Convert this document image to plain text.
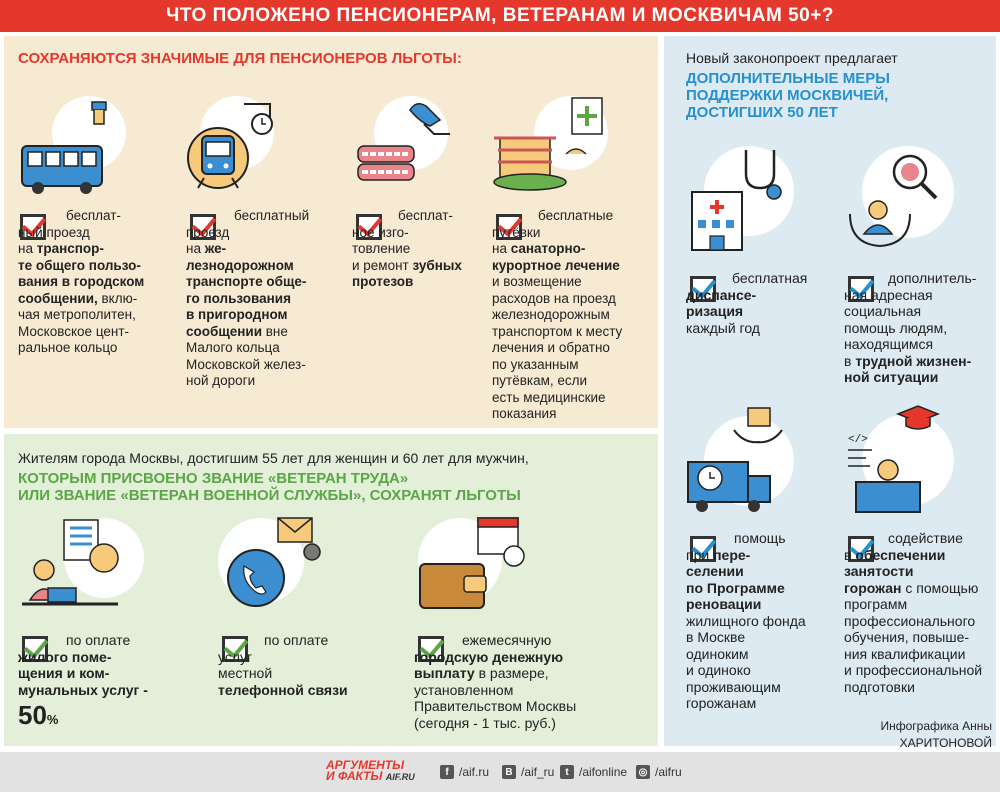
ЧТО ПОЛОЖЕНО ПЕНСИОНЕРАМ, ВЕТЕРАНАМ И МОСКВИЧАМ 50+?
СОХРАНЯЮТСЯ ЗНАЧИМЫЕ ДЛЯ ПЕНСИОНЕРОВ ЛЬГОТЫ:
бесплат-
ный проезд
на транспор-
те общего пользо-
вания в городском
сообщении, вклю-
чая метрополитен,
Московское цент-
ральное кольцо
бесплатный
проезд
на же-
лезнодорожном
транспорте обще-
го пользования
в пригородном
сообщении вне
Малого кольца
Московской желез-
ной дороги
бесплат-
ное изго-
товление
и ремонт зубных
протезов
бесплатные
путёвки
на санаторно-
курортное лечение
и возмещение
расходов на проезд
железнодорожным
транспортом к месту
лечения и обратно
по указанным
путёвкам, если
есть медицинские
показания
Жителям города Москвы, достигшим 55 лет для женщин и 60 лет для мужчин,
КОТОРЫМ ПРИСВОЕНО ЗВАНИЕ «ВЕТЕРАН ТРУДА»
ИЛИ ЗВАНИЕ «ВЕТЕРАН ВОЕННОЙ СЛУЖБЫ», СОХРАНЯТ ЛЬГОТЫ
по оплате
жилого поме-
щения и ком-
мунальных услуг -
50%
по оплате
услуг
местной
телефонной связи
ежемесячную
городскую денежную
выплату в размере,
установленном
Правительством Москвы
(сегодня - 1 тыс. руб.)
Новый законопроект предлагает
ДОПОЛНИТЕЛЬНЫЕ МЕРЫ
ПОДДЕРЖКИ МОСКВИЧЕЙ,
ДОСТИГШИХ 50 ЛЕТ
бесплатная
диспансе-
ризация
каждый год
дополнитель-
ная адресная
социальная
помощь людям,
находящимся
в трудной жизнен-
ной ситуации
помощь
при пере-
селении
по Программе
реновации
жилищного фонда
в Москве
одиноким
и одиноко
проживающим
горожанам
</>
содействие
в обеспечении
занятости
горожан с помощью
программ
профессионального
обучения, повыше-
ния квалификации
и профессиональной
подготовки
Инфографика Анны ХАРИТОНОВОЙ
АРГУМЕНТЫ
И ФАКТЫ AIF.RU	f /aif.ru	B /aif_ru	t /aifonline ◎ /aifru
